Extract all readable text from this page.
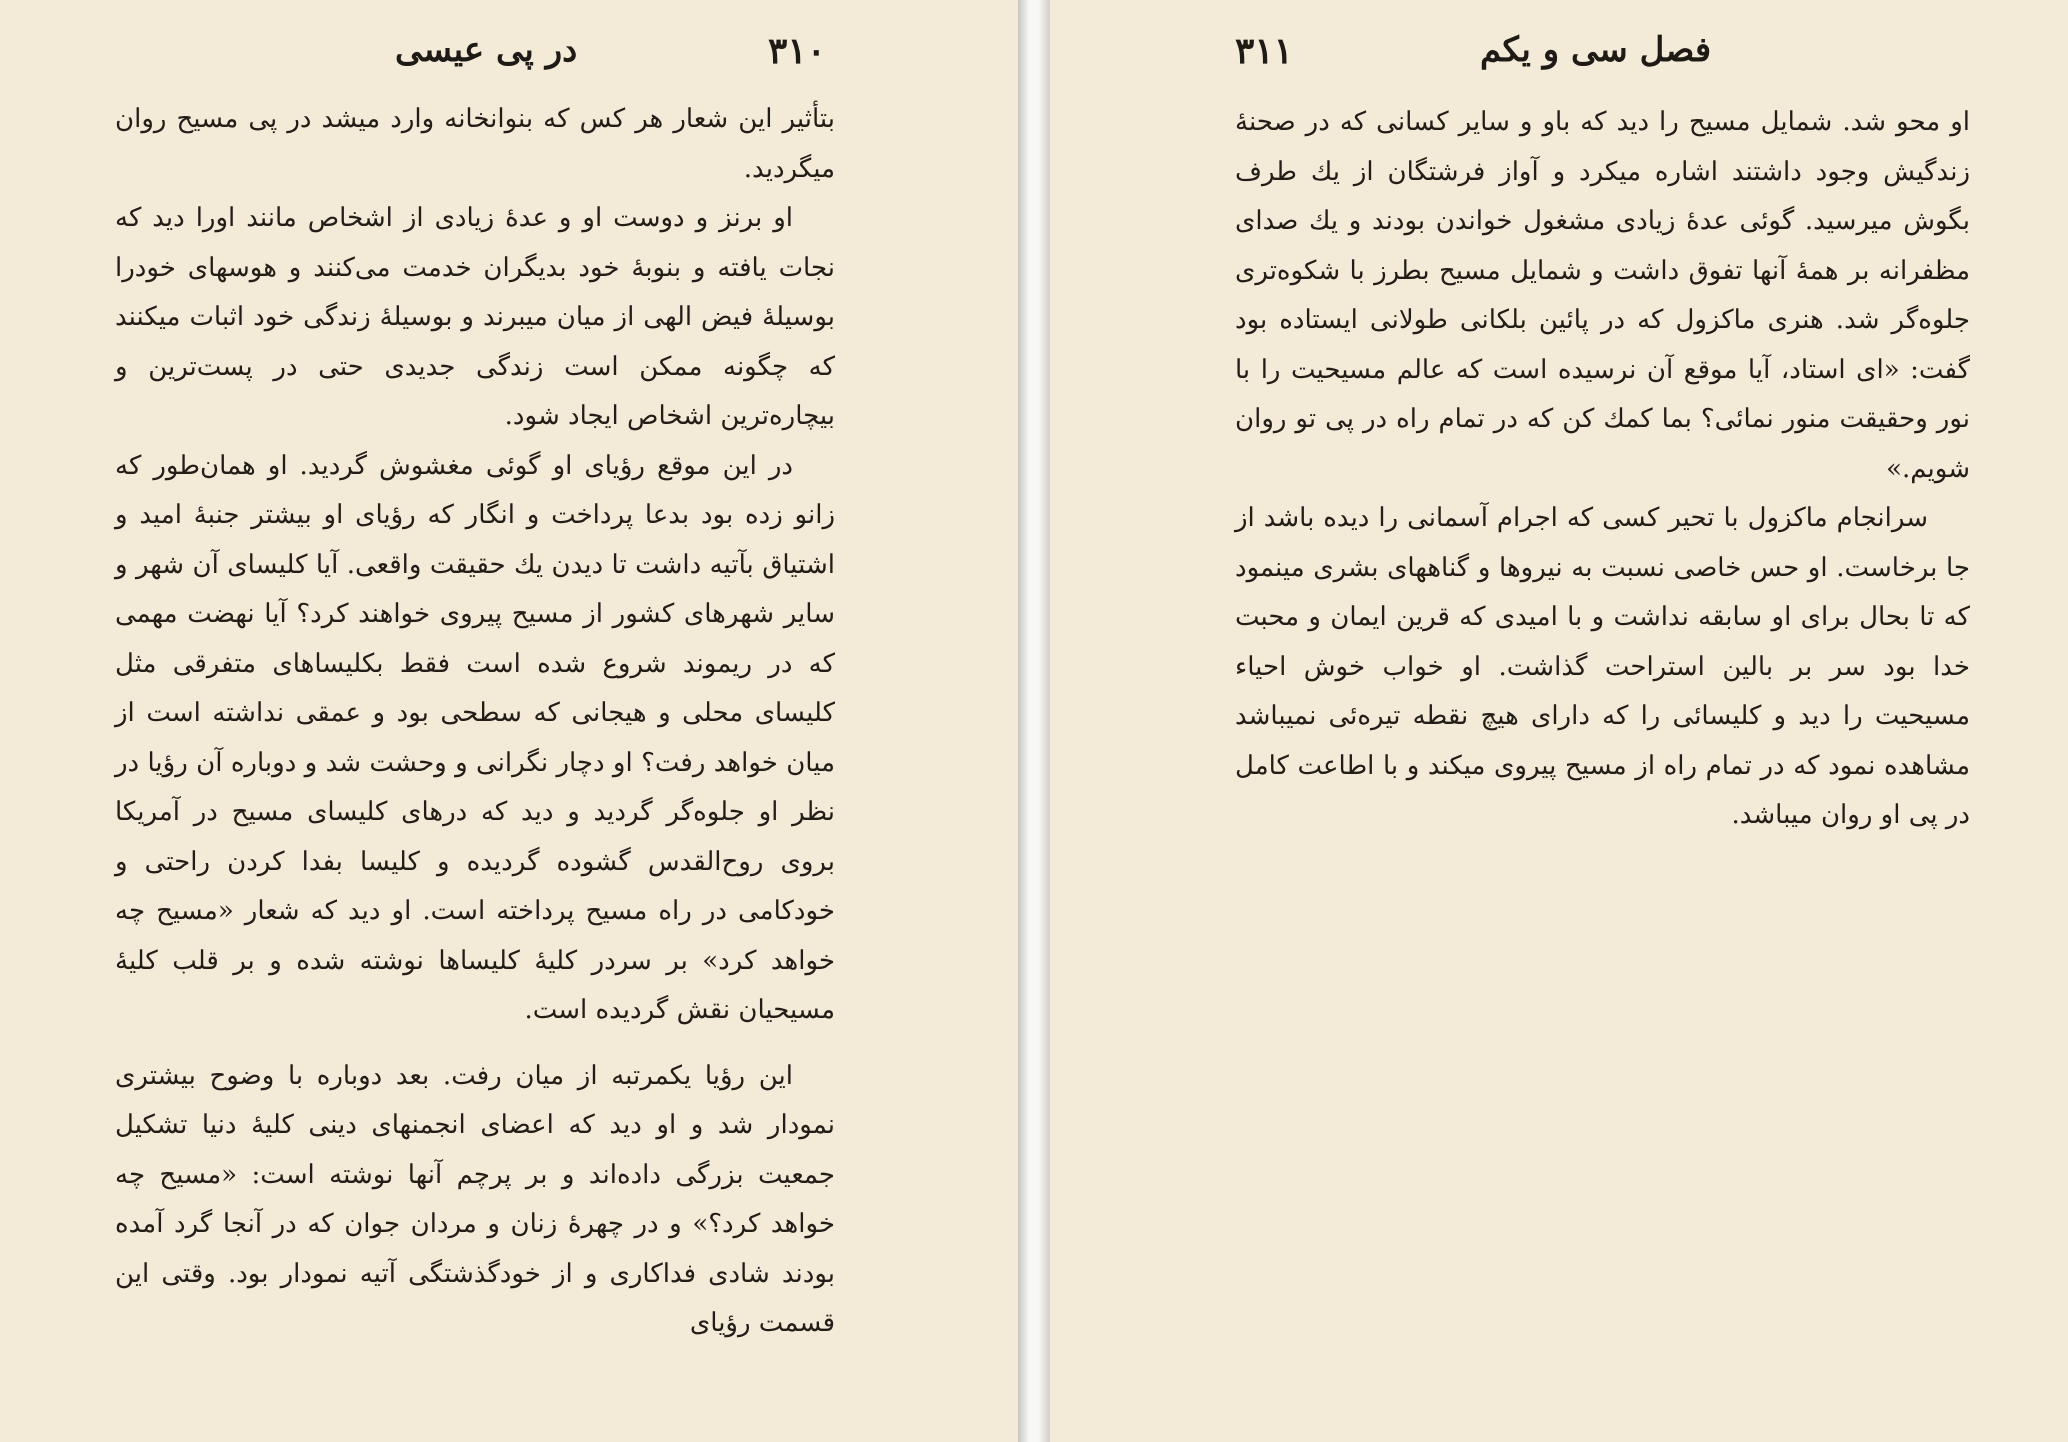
در پی عیسی	۳۱۰

بتأثیر این شعار هر کس که بنوانخانه وارد میشد در پی مسیح روان میگردید.

او برنز و دوست او و عدهٔ زیادی از اشخاص مانند اورا دید که نجات یافته و بنوبهٔ خود بدیگران خدمت می‌کنند و هوسهای خودرا بوسیلهٔ فیض الهی از میان میبرند و بوسیلهٔ زندگی خود اثبات میکنند که چگونه ممکن است زندگی جدیدی حتی در پست‌ترین و بیچاره‌ترین اشخاص ایجاد شود.

در این موقع رؤیای او گوئی مغشوش گردید. او همان‌طور که زانو زده بود بدعا پرداخت و انگار که رؤیای او بیشتر جنبهٔ امید و اشتیاق بآتیه داشت تا دیدن یك حقیقت واقعی. آیا کلیسای آن شهر و سایر شهرهای کشور از مسیح پیروی خواهند کرد؟ آیا نهضت مهمی که در ریموند شروع شده است فقط بکلیساهای متفرقی مثل کلیسای محلی و هیجانی که سطحی بود و عمقی نداشته است از میان خواهد رفت؟ او دچار نگرانی و وحشت شد و دوباره آن رؤیا در نظر او جلوه‌گر گردید و دید که درهای کلیسای مسیح در آمریکا بروی روح‌القدس گشوده گردیده و کلیسا بفدا کردن راحتی و خودکامی در راه مسیح پرداخته است. او دید که شعار «مسیح چه خواهد کرد» بر سردر کلیهٔ کلیساها نوشته شده و بر قلب کلیهٔ مسیحیان نقش گردیده است.

این رؤیا یکمرتبه از میان رفت. بعد دوباره با وضوح بیشتری نمودار شد و او دید که اعضای انجمنهای دینی کلیهٔ دنیا تشکیل جمعیت بزرگی داده‌اند و بر پرچم آنها نوشته است: «مسیح چه خواهد کرد؟» و در چهرهٔ زنان و مردان جوان که در آنجا گرد آمده بودند شادی فداکاری و از خودگذشتگی آتیه نمودار بود. وقتی این قسمت رؤیای

۳۱۱	فصل سی و یکم

او محو شد. شمایل مسیح را دید که باو و سایر کسانی که در صحنهٔ زندگیش وجود داشتند اشاره میکرد و آواز فرشتگان از یك طرف بگوش میرسید. گوئی عدهٔ زیادی مشغول خواندن بودند و یك صدای مظفرانه بر همهٔ آنها تفوق داشت و شمایل مسیح بطرز با شکوه‌تری جلوه‌گر شد. هنری ماکزول که در پائین بلکانی طولانی ایستاده بود گفت: «ای استاد، آیا موقع آن نرسیده است که عالم مسیحیت را با نور وحقیقت منور نمائی؟ بما کمك کن که در تمام راه در پی تو روان شویم.»

سرانجام ماکزول با تحیر کسی که اجرام آسمانی را دیده باشد از جا برخاست. او حس خاصی نسبت به نیروها و گناههای بشری مینمود که تا بحال برای او سابقه نداشت و با امیدی که قرین ایمان و محبت خدا بود سر بر بالین استراحت گذاشت. او خواب خوش احیاء مسیحیت را دید و کلیسائی را که دارای هیچ نقطه تیره‌ئی نمیباشد مشاهده نمود که در تمام راه از مسیح پیروی میکند و با اطاعت کامل در پی او روان میباشد.
